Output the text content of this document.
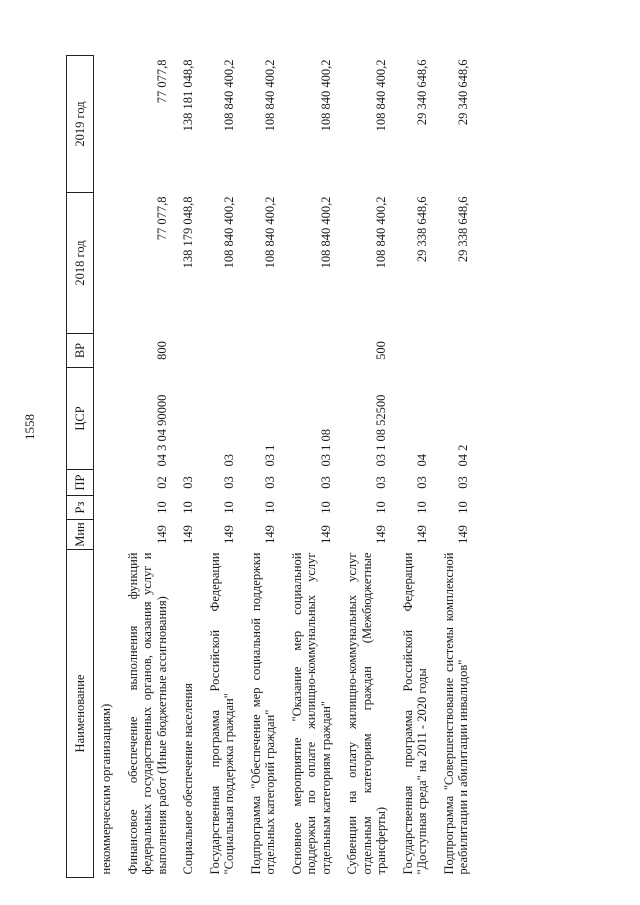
1558
Наименование	Мин	Рз	ПР	ЦСР	ВР	2018 год	2019 год
некоммерческим организациям)							
Финансовое обеспечение выполнения функций федеральных государственных органов, оказания услуг и выполнения работ (Иные бюджетные ассигнования)	149	10	02	04 3 04 90000	800	77 077,8	77 077,8
Социальное обеспечение населения	149	10	03			138 179 048,8	138 181 048,8
Государственная программа Российской Федерации "Социальная поддержка граждан"	149	10	03	03		108 840 400,2	108 840 400,2
Подпрограмма "Обеспечение мер социальной поддержки отдельных категорий граждан"	149	10	03	03 1		108 840 400,2	108 840 400,2
Основное мероприятие "Оказание мер социальной поддержки по оплате жилищно-коммунальных услуг отдельным категориям граждан"	149	10	03	03 1 08		108 840 400,2	108 840 400,2
Субвенции на оплату жилищно-коммунальных услуг отдельным категориям граждан (Межбюджетные трансферты)	149	10	03	03 1 08 52500	500	108 840 400,2	108 840 400,2
Государственная программа Российской Федерации "Доступная среда" на 2011 - 2020 годы	149	10	03	04		29 338 648,6	29 340 648,6
Подпрограмма "Совершенствование системы комплексной реабилитации и абилитации инвалидов"	149	10	03	04 2		29 338 648,6	29 340 648,6
